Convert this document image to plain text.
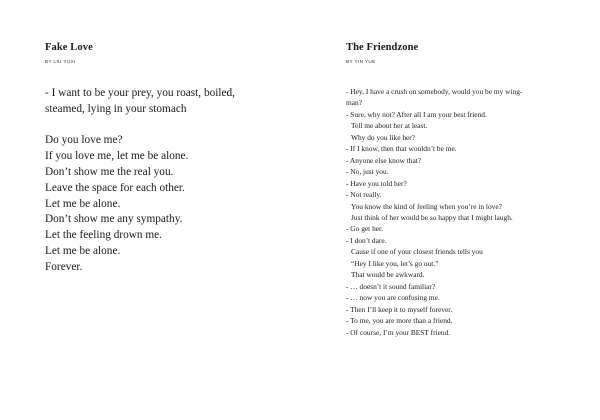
Fake Love
BY LIU YUXI
- I want to be your prey, you roast, boiled,
steamed, lying in your stomach
Do you love me?
If you love me, let me be alone.
Don’t show me the real you.
Leave the space for each other.
Let me be alone.
Don’t show me any sympathy.
Let the feeling drown me.
Let me be alone.
Forever.
The Friendzone
BY YIN YUE
- Hey, I have a crush on somebody, would you be my wing-
man?
- Sure, why not? After all I am your best friend.
Tell me about her at least.
Why do you like her?
- If I know, then that wouldn’t be me.
- Anyone else know that?
- No, just you.
- Have you told her?
- Not really.
You know the kind of feeling when you’re in love?
Just think of her would be so happy that I might laugh.
- Go get her.
- I don’t dare.
Cause if one of your closest friends tells you
“Hey I like you, let’s go out.”
That would be awkward.
- … doesn’t it sound familiar?
- … now you are confusing me.
- Then I’ll keep it to myself forever.
- To me, you are more than a friend.
- Of course, I’m your BEST friend.
